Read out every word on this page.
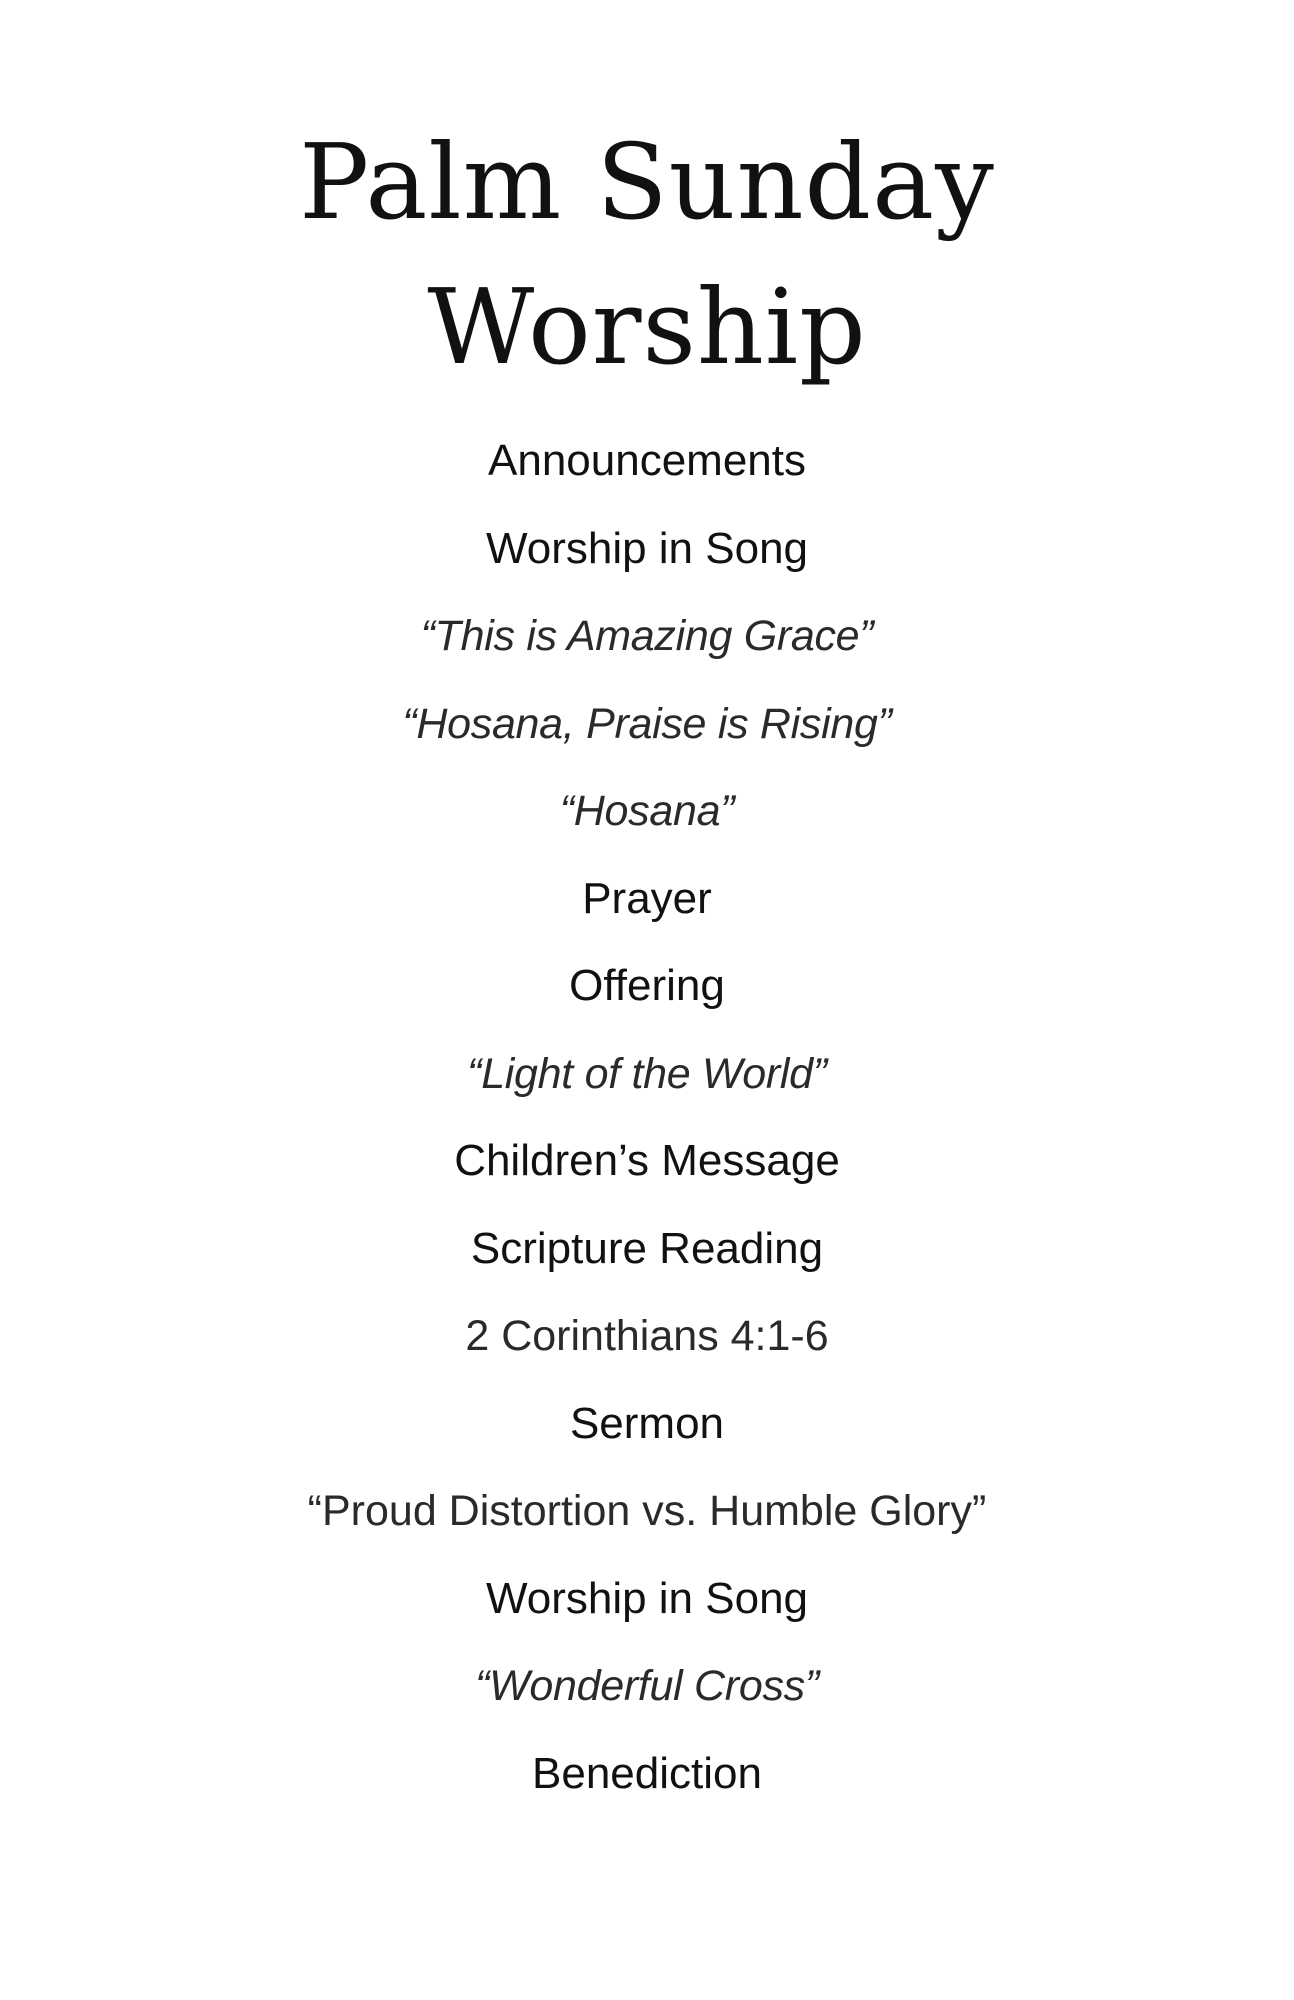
Palm Sunday
Worship
Announcements
Worship in Song
“This is Amazing Grace”
“Hosana, Praise is Rising”
“Hosana”
Prayer
Offering
“Light of the World”
Children’s Message
Scripture Reading
2 Corinthians 4:1-6
Sermon
“Proud Distortion vs. Humble Glory”
Worship in Song
“Wonderful Cross”
Benediction
